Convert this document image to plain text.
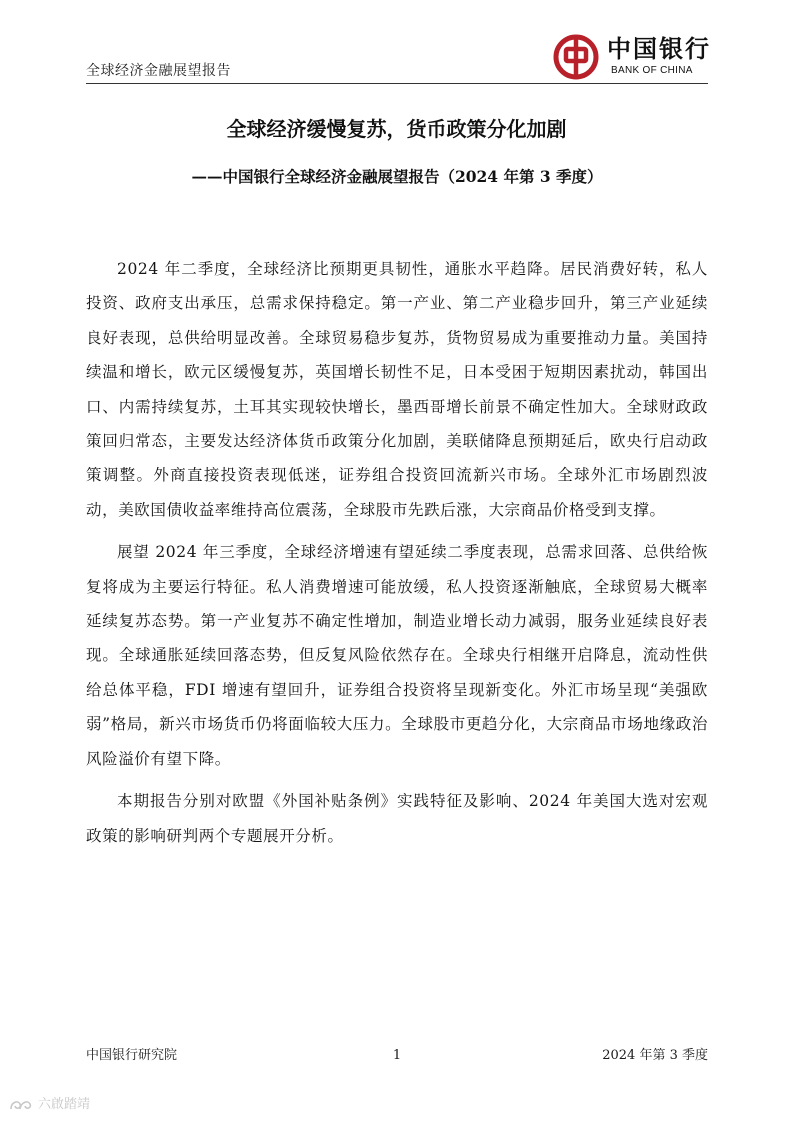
全球经济金融展望报告
中国银行
BANK OF CHINA
全球经济缓慢复苏，货币政策分化加剧
——中国银行全球经济金融展望报告（2024 年第 3 季度）

2024 年二季度，全球经济比预期更具韧性，通胀水平趋降。居民消费好转，私人投资、政府支出承压，总需求保持稳定。第一产业、第二产业稳步回升，第三产业延续良好表现，总供给明显改善。全球贸易稳步复苏，货物贸易成为重要推动力量。美国持续温和增长，欧元区缓慢复苏，英国增长韧性不足，日本受困于短期因素扰动，韩国出口、内需持续复苏，土耳其实现较快增长，墨西哥增长前景不确定性加大。全球财政政策回归常态，主要发达经济体货币政策分化加剧，美联储降息预期延后，欧央行启动政策调整。外商直接投资表现低迷，证券组合投资回流新兴市场。全球外汇市场剧烈波动，美欧国债收益率维持高位震荡，全球股市先跌后涨，大宗商品价格受到支撑。

展望 2024 年三季度，全球经济增速有望延续二季度表现，总需求回落、总供给恢复将成为主要运行特征。私人消费增速可能放缓，私人投资逐渐触底，全球贸易大概率延续复苏态势。第一产业复苏不确定性增加，制造业增长动力减弱，服务业延续良好表现。全球通胀延续回落态势，但反复风险依然存在。全球央行相继开启降息，流动性供给总体平稳，FDI 增速有望回升，证券组合投资将呈现新变化。外汇市场呈现“美强欧弱”格局，新兴市场货币仍将面临较大压力。全球股市更趋分化，大宗商品市场地缘政治风险溢价有望下降。

本期报告分别对欧盟《外国补贴条例》实践特征及影响、2024 年美国大选对宏观政策的影响研判两个专题展开分析。

中国银行研究院	1	2024 年第 3 季度
六啟踏靖
